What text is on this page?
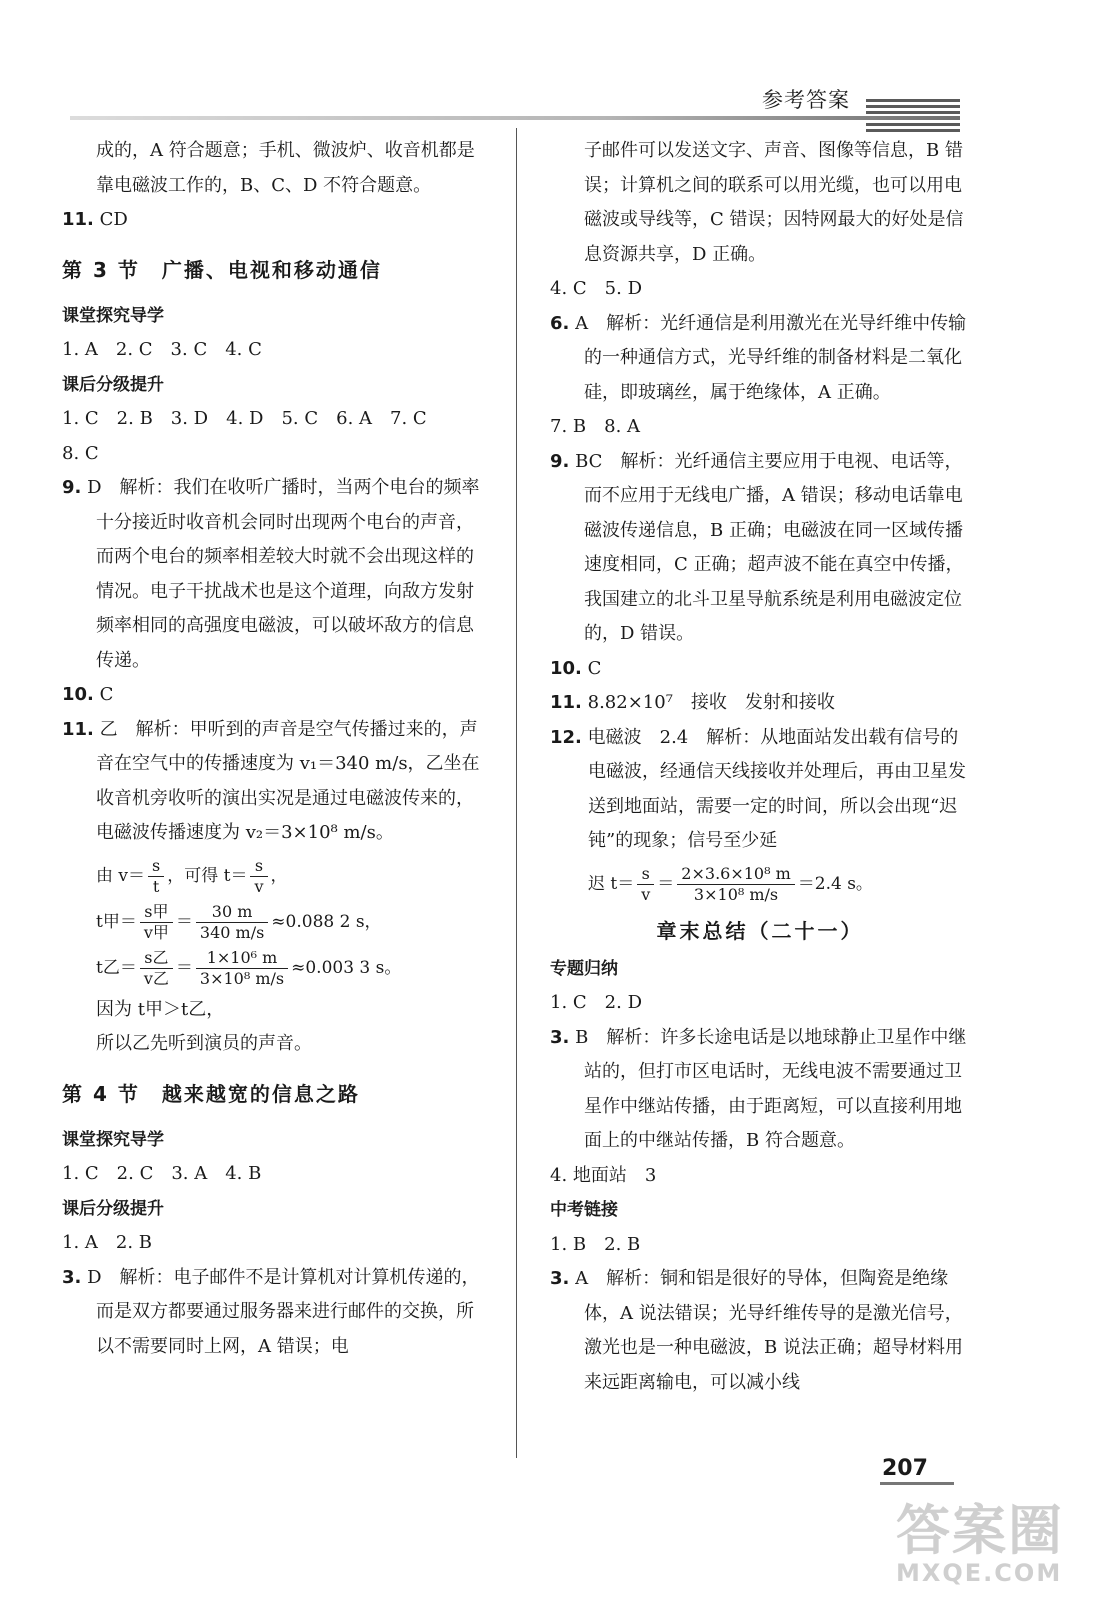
参考答案

成的，A 符合题意；手机、微波炉、收音机都是靠电磁波工作的，B、C、D 不符合题意。

11. CD

第 3 节　广播、电视和移动通信
课堂探究导学

1. A　2. C　3. C　4. C

课后分级提升

1. C　2. B　3. D　4. D　5. C　6. A　7. C

8. C

9. D　解析：我们在收听广播时，当两个电台的频率十分接近时收音机会同时出现两个电台的声音，而两个电台的频率相差较大时就不会出现这样的情况。电子干扰战术也是这个道理，向敌方发射频率相同的高强度电磁波，可以破坏敌方的信息传递。

10. C

11. 乙　解析：甲听到的声音是空气传播过来的，声音在空气中的传播速度为 v₁＝340 m/s，乙坐在收音机旁收听的演出实况是通过电磁波传来的，电磁波传播速度为 v₂＝3×10⁸ m/s。

由 $v= \frac{s}{t}$ ，可得 $t= \frac{s}{v}$ ，
t甲＝ $\frac{\text{s甲}}{\text{v甲}} = \frac{30 m}{340 m/s} \approx 0.088$ 2 s，
t乙＝ $\frac{\text{s乙}}{\text{v乙}} = \frac{\text{1×10⁶ m}}{\text{3×10⁸ m/s}} \approx 0.003$ 3 s。

因为 t甲＞t乙，

所以乙先听到演员的声音。

第 4 节　越来越宽的信息之路
课堂探究导学

1. C　2. C　3. A　4. B

课后分级提升

1. A　2. B

3. D　解析：电子邮件不是计算机对计算机传递的，而是双方都要通过服务器来进行邮件的交换，所以不需要同时上网，A 错误；电

子邮件可以发送文字、声音、图像等信息，B 错误；计算机之间的联系可以用光缆，也可以用电磁波或导线等，C 错误；因特网最大的好处是信息资源共享，D 正确。

4. C　5. D

6. A　解析：光纤通信是利用激光在光导纤维中传输的一种通信方式，光导纤维的制备材料是二氧化硅，即玻璃丝，属于绝缘体，A 正确。

7. B　8. A

9. BC　解析：光纤通信主要应用于电视、电话等，而不应用于无线电广播，A 错误；移动电话靠电磁波传递信息，B 正确；电磁波在同一区域传播速度相同，C 正确；超声波不能在真空中传播，我国建立的北斗卫星导航系统是利用电磁波定位的，D 错误。

10. C

11. 8.82×10⁷　接收　发射和接收

12. 电磁波　2.4　解析：从地面站发出载有信号的电磁波，经通信天线接收并处理后，再由卫星发送到地面站，需要一定的时间，所以会出现“迟钝”的现象；信号至少延

迟 $t= \frac{s}{v} = \frac{\text{2×3.6×10⁸ m}}{\text{3×10⁸ m/s}} =2.4$ s。
章末总结（二十一）
专题归纳

1. C　2. D

3. B　解析：许多长途电话是以地球静止卫星作中继站的，但打市区电话时，无线电波不需要通过卫星作中继站传播，由于距离短，可以直接利用地面上的中继站传播，B 符合题意。

4. 地面站　3

中考链接

1. B　2. B

3. A　解析：铜和铝是很好的导体，但陶瓷是绝缘体，A 说法错误；光导纤维传导的是激光信号，激光也是一种电磁波，B 说法正确；超导材料用来远距离输电，可以减小线

207
答案圈
MXQE.COM
